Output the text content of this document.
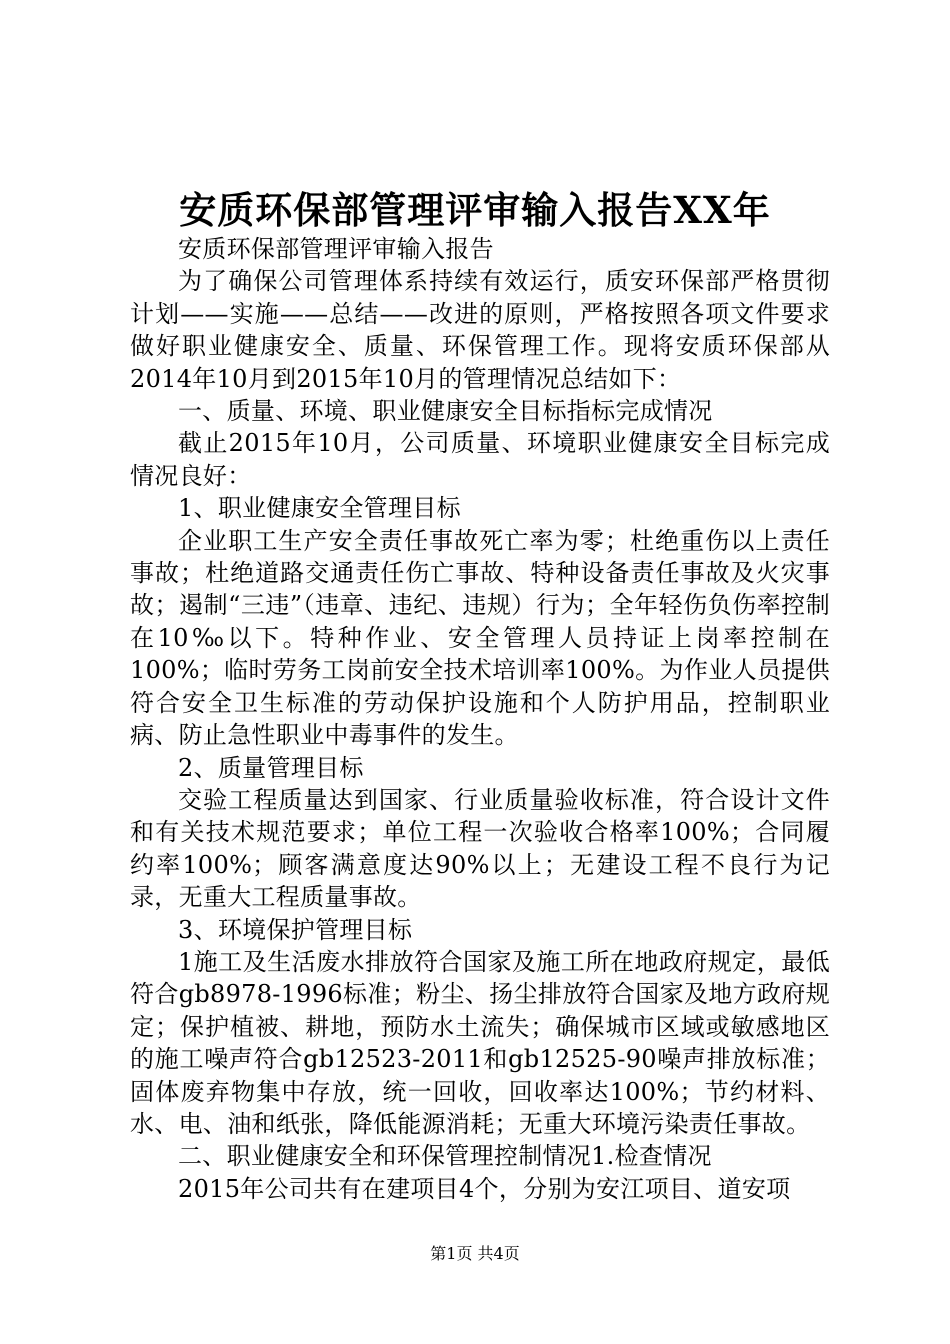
安质环保部管理评审输入报告XX年

安质环保部管理评审输入报告

为了确保公司管理体系持续有效运行，质安环保部严格贯彻计划——实施——总结——改进的原则，严格按照各项文件要求做好职业健康安全、质量、环保管理工作。现将安质环保部从2014年10月到2015年10月的管理情况总结如下：

一、质量、环境、职业健康安全目标指标完成情况

截止2015年10月，公司质量、环境职业健康安全目标完成情况良好：

1、职业健康安全管理目标

企业职工生产安全责任事故死亡率为零；杜绝重伤以上责任事故；杜绝道路交通责任伤亡事故、特种设备责任事故及火灾事故；遏制“三违”（违章、违纪、违规）行为；全年轻伤负伤率控制在10‰以下。特种作业、安全管理人员持证上岗率控制在100%；临时劳务工岗前安全技术培训率100%。为作业人员提供符合安全卫生标准的劳动保护设施和个人防护用品，控制职业病、防止急性职业中毒事件的发生。

2、质量管理目标

交验工程质量达到国家、行业质量验收标准，符合设计文件和有关技术规范要求；单位工程一次验收合格率100%；合同履约率100%；顾客满意度达90%以上；无建设工程不良行为记录，无重大工程质量事故。

3、环境保护管理目标

1施工及生活废水排放符合国家及施工所在地政府规定，最低符合gb8978-1996标准；粉尘、扬尘排放符合国家及地方政府规定；保护植被、耕地，预防水土流失；确保城市区域或敏感地区的施工噪声符合gb12523-2011和gb12525-90噪声排放标准；固体废弃物集中存放，统一回收，回收率达100%；节约材料、水、电、油和纸张，降低能源消耗；无重大环境污染责任事故。

二、职业健康安全和环保管理控制情况1.检查情况

2015年公司共有在建项目4个，分别为安江项目、道安项

第1页 共4页
